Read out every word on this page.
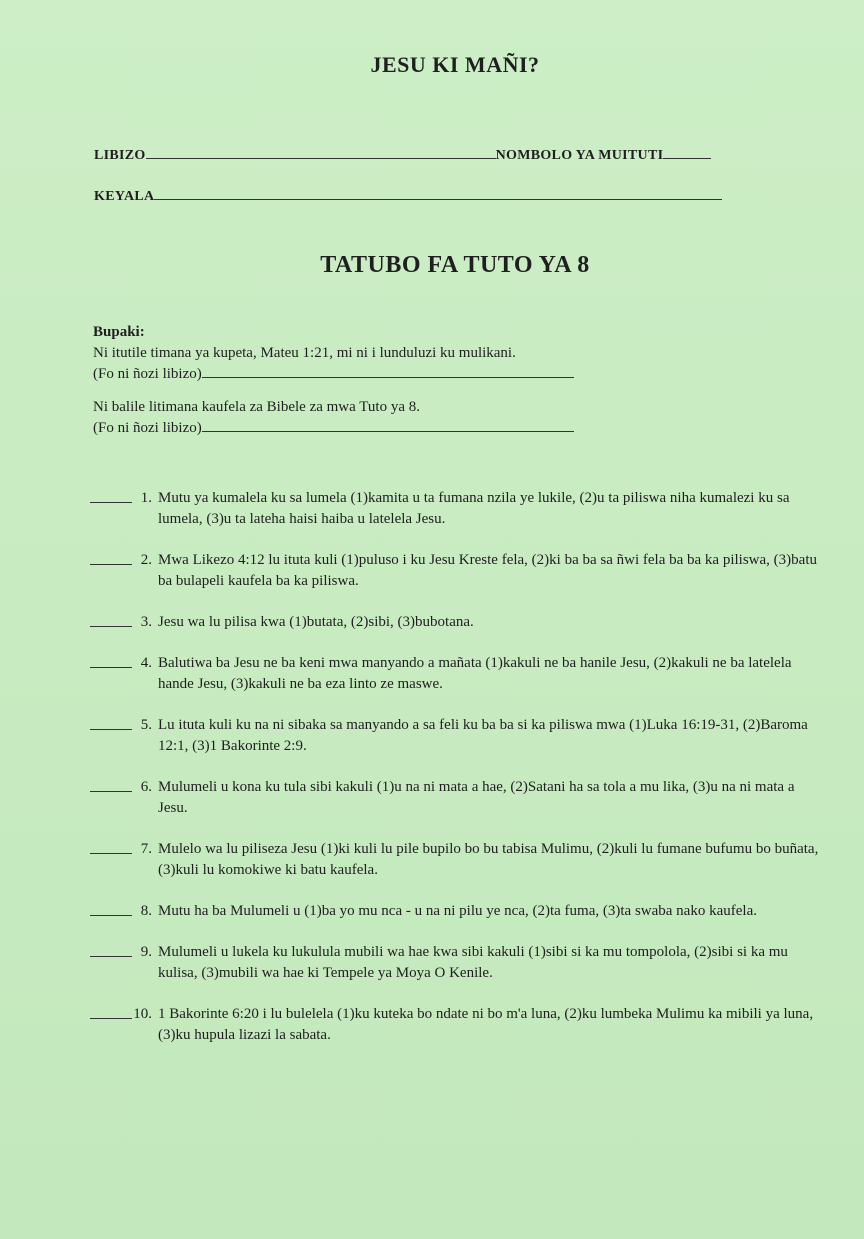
JESU KI MAÑI?
LIBIZO	NOMBOLO YA MUITUTI
KEYALA
TATUBO FA TUTO YA 8
Bupaki:
Ni itutile timana ya kupeta, Mateu 1:21, mi ni i lunduluzi ku mulikani.
(Fo ni ñozi libizo)
Ni balile litimana kaufela za Bibele za mwa Tuto ya 8.
(Fo ni ñozi libizo)
1. Mutu ya kumalela ku sa lumela (1)kamita u ta fumana nzila ye lukile, (2)u ta piliswa niha kumalezi ku sa lumela, (3)u ta lateha haisi haiba u latelela Jesu.
2. Mwa Likezo 4:12 lu ituta kuli (1)puluso i ku Jesu Kreste fela, (2)ki ba ba sa ñwi fela ba ba ka piliswa, (3)batu ba bulapeli kaufela ba ka piliswa.
3. Jesu wa lu pilisa kwa (1)butata, (2)sibi, (3)bubotana.
4. Balutiwa ba Jesu ne ba keni mwa manyando a mañata (1)kakuli ne ba hanile Jesu, (2)kakuli ne ba latelela hande Jesu, (3)kakuli ne ba eza linto ze maswe.
5. Lu ituta kuli ku na ni sibaka sa manyando a sa feli ku ba ba si ka piliswa mwa (1)Luka 16:19-31, (2)Baroma 12:1, (3)1 Bakorinte 2:9.
6. Mulumeli u kona ku tula sibi kakuli (1)u na ni mata a hae, (2)Satani ha sa tola a mu lika, (3)u na ni mata a Jesu.
7. Mulelo wa lu piliseza Jesu (1)ki kuli lu pile bupilo bo bu tabisa Mulimu, (2)kuli lu fumane bufumu bo buñata, (3)kuli lu komokiwe ki batu kaufela.
8. Mutu ha ba Mulumeli u (1)ba yo mu nca - u na ni pilu ye nca, (2)ta fuma, (3)ta swaba nako kaufela.
9. Mulumeli u lukela ku lukulula mubili wa hae kwa sibi kakuli (1)sibi si ka mu tompolola, (2)sibi si ka mu kulisa, (3)mubili wa hae ki Tempele ya Moya O Kenile.
10. 1 Bakorinte 6:20 i lu bulelela (1)ku kuteka bo ndate ni bo m'a luna, (2)ku lumbeka Mulimu ka mibili ya luna, (3)ku hupula lizazi la sabata.
